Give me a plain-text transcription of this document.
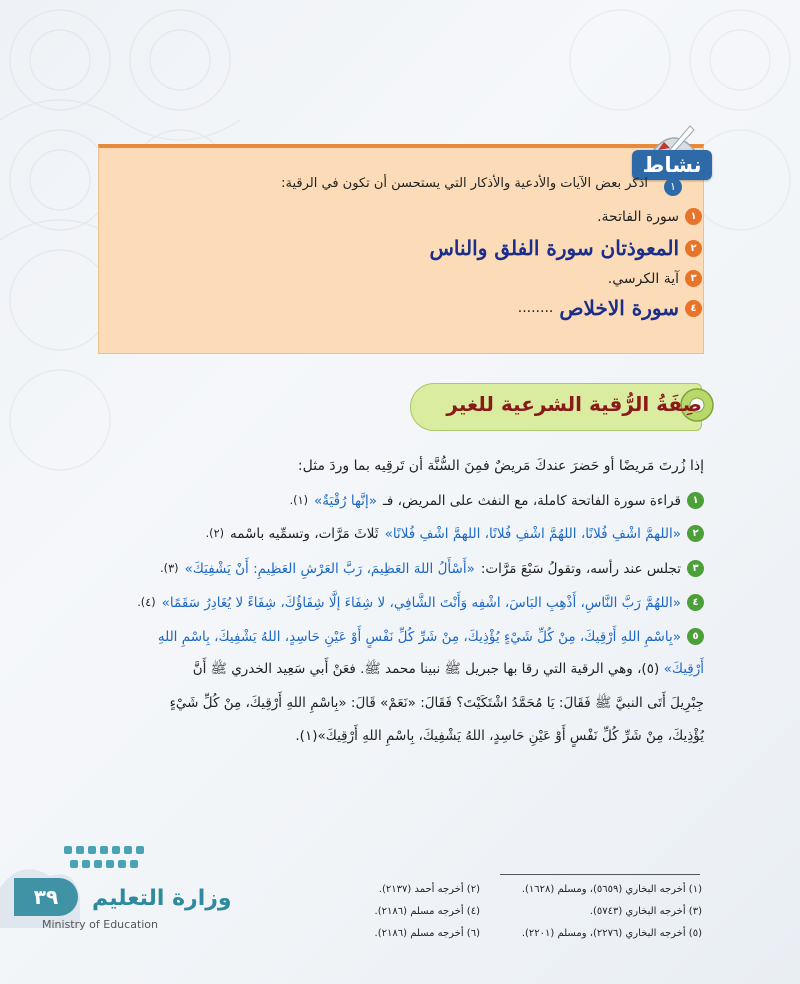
نشاط
١
اذكر بعض الآيات والأدعية والأذكار التي يستحسن أن تكون في الرقية:
١
سورة الفاتحة.
٢
المعوذتان سورة الفلق والناس
٣
آية الكرسي.
٤
سورة الاخلاص
........
صِفَةُ الرُّقية الشرعية للغير
إذا زُرتَ مَريضًا أو حَضرَ عندكَ مَريضٌ فمِنَ السُّنَّة أن تَرقِيه بما وردَ مثل:
١
قراءة سورة الفاتحة كاملة، مع النفث على المريض، فـ
«إنَّها رُقْيَةٌ»
(١).
٢
«اللهمَّ اشْفِ فُلانًا، اللهُمَّ اشْفِ فُلانًا، اللهمَّ اشْفِ فُلانًا»
ثَلاثَ مَرَّات، وتسمِّيه باسْمه
(٢).
٣
تجلس عند رأسه، وتقولُ سَبْعَ مَرَّات:
«أَسْأَلُ اللهَ العَظِيمَ، رَبَّ العَرْشِ العَظِيمِ: أَنْ يَشْفِيَكَ»
(٣).
٤
«اللهُمَّ رَبَّ النَّاسِ، أَذْهِبِ البَاسَ، اشْفِه وَأَنْتَ الشَّافِي، لا شِفَاءَ إلَّا شِفَاؤُكَ، شِفَاءً لا يُغَادِرُ سَقَمًا»
(٤).
٥
«بِاسْمِ اللهِ أَرْقِيكَ، مِنْ كُلِّ شَيْءٍ يُؤْذِيكَ، مِنْ شَرِّ كُلِّ نَفْسٍ أَوْ عَيْنِ حَاسِدٍ، اللهُ يَشْفِيكَ، بِاسْمِ اللهِ
أَرْقِيكَ» (٥)، وهي الرقية التي رقا بها جبريل ﷺ نبينا محمد ﷺ. فعَنْ أَبي سَعِيد الخدري ﷺ أَنَّ
جِبْرِيلَ أَتَى النبيَّ ﷺ فَقَالَ: يَا مُحَمَّدُ اشْتَكَيْتَ؟ فَقَالَ: «نَعَمْ» قَالَ: «بِاسْمِ اللهِ أَرْقِيكَ، مِنْ كُلِّ شَيْءٍ
يُؤْذِيكَ، مِنْ شَرِّ كُلِّ نَفْسٍ أَوْ عَيْنِ حَاسِدٍ، اللهُ يَشْفِيكَ، بِاسْمِ اللهِ أَرْقِيكَ»(١).
(١) أخرجه البخاري (٥٦٥٩)، ومسلم (١٦٢٨).
(٢) أخرجه أحمد (٢١٣٧).
(٣) أخرجه البخاري (٥٧٤٣).
(٤) أخرجه مسلم (٢١٨٦).
(٥) أخرجه البخاري (٢٢٧٦)، ومسلم (٢٢٠١).
(٦) أخرجه مسلم (٢١٨٦).
٣٩	وزارة التعليم
Ministry of Education
